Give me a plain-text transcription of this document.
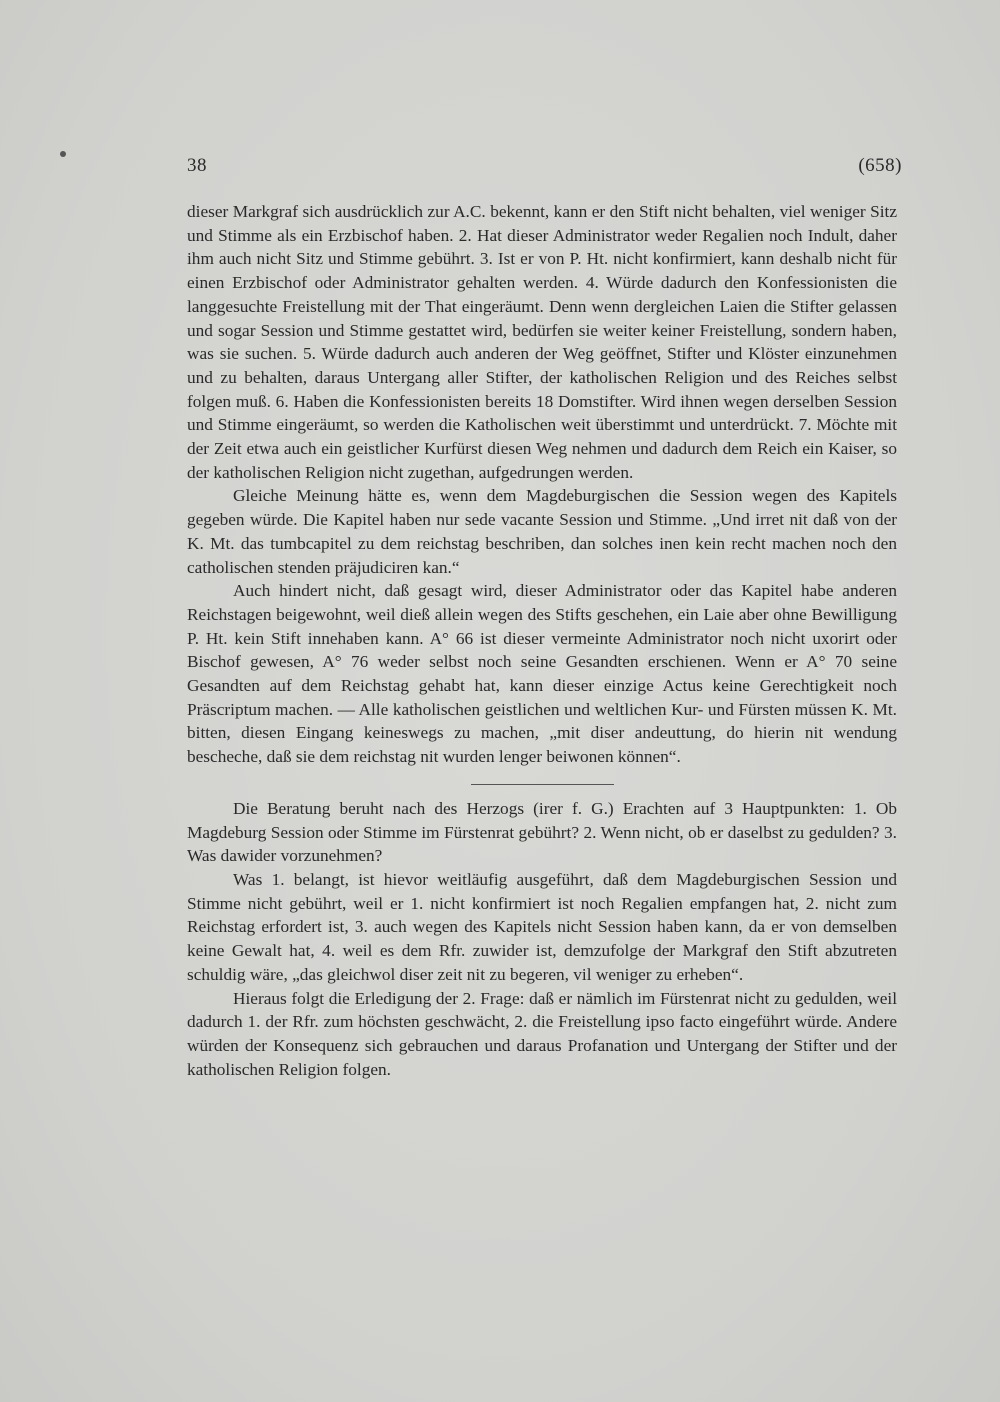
38	(658)

dieser Markgraf sich ausdrücklich zur A.C. bekennt, kann er den Stift nicht behalten, viel weniger Sitz und Stimme als ein Erzbischof haben. 2. Hat dieser Administrator weder Regalien noch Indult, daher ihm auch nicht Sitz und Stimme gebührt. 3. Ist er von P. Ht. nicht konfirmiert, kann deshalb nicht für einen Erzbischof oder Administrator gehalten werden. 4. Würde dadurch den Konfessionisten die langgesuchte Freistellung mit der That eingeräumt. Denn wenn dergleichen Laien die Stifter gelassen und sogar Session und Stimme gestattet wird, bedürfen sie weiter keiner Freistellung, sondern haben, was sie suchen. 5. Würde dadurch auch anderen der Weg geöffnet, Stifter und Klöster einzunehmen und zu behalten, daraus Untergang aller Stifter, der katholischen Religion und des Reiches selbst folgen muß. 6. Haben die Konfessionisten bereits 18 Domstifter. Wird ihnen wegen derselben Session und Stimme eingeräumt, so werden die Katholischen weit überstimmt und unterdrückt. 7. Möchte mit der Zeit etwa auch ein geistlicher Kurfürst diesen Weg nehmen und dadurch dem Reich ein Kaiser, so der katholischen Religion nicht zugethan, aufgedrungen werden.

Gleiche Meinung hätte es, wenn dem Magdeburgischen die Session wegen des Kapitels gegeben würde. Die Kapitel haben nur sede vacante Session und Stimme. „Und irret nit daß von der K. Mt. das tumbcapitel zu dem reichstag beschriben, dan solches inen kein recht machen noch den catholischen stenden präjudiciren kan.“

Auch hindert nicht, daß gesagt wird, dieser Administrator oder das Kapitel habe anderen Reichstagen beigewohnt, weil dieß allein wegen des Stifts geschehen, ein Laie aber ohne Bewilligung P. Ht. kein Stift innehaben kann. A° 66 ist dieser vermeinte Administrator noch nicht uxorirt oder Bischof gewesen, A° 76 weder selbst noch seine Gesandten erschienen. Wenn er A° 70 seine Gesandten auf dem Reichstag gehabt hat, kann dieser einzige Actus keine Gerechtigkeit noch Präscriptum machen. — Alle katholischen geistlichen und weltlichen Kur- und Fürsten müssen K. Mt. bitten, diesen Eingang keineswegs zu machen, „mit diser andeuttung, do hierin nit wendung bescheche, daß sie dem reichstag nit wurden lenger beiwonen können“.

Die Beratung beruht nach des Herzogs (irer f. G.) Erachten auf 3 Hauptpunkten: 1. Ob Magdeburg Session oder Stimme im Fürstenrat gebührt? 2. Wenn nicht, ob er daselbst zu gedulden? 3. Was dawider vorzunehmen?

Was 1. belangt, ist hievor weitläufig ausgeführt, daß dem Magdeburgischen Session und Stimme nicht gebührt, weil er 1. nicht konfirmiert ist noch Regalien empfangen hat, 2. nicht zum Reichstag erfordert ist, 3. auch wegen des Kapitels nicht Session haben kann, da er von demselben keine Gewalt hat, 4. weil es dem Rfr. zuwider ist, demzufolge der Markgraf den Stift abzutreten schuldig wäre, „das gleichwol diser zeit nit zu begeren, vil weniger zu erheben“.

Hieraus folgt die Erledigung der 2. Frage: daß er nämlich im Fürstenrat nicht zu gedulden, weil dadurch 1. der Rfr. zum höchsten geschwächt, 2. die Freistellung ipso facto eingeführt würde. Andere würden der Konsequenz sich gebrauchen und daraus Profanation und Untergang der Stifter und der katholischen Religion folgen.
